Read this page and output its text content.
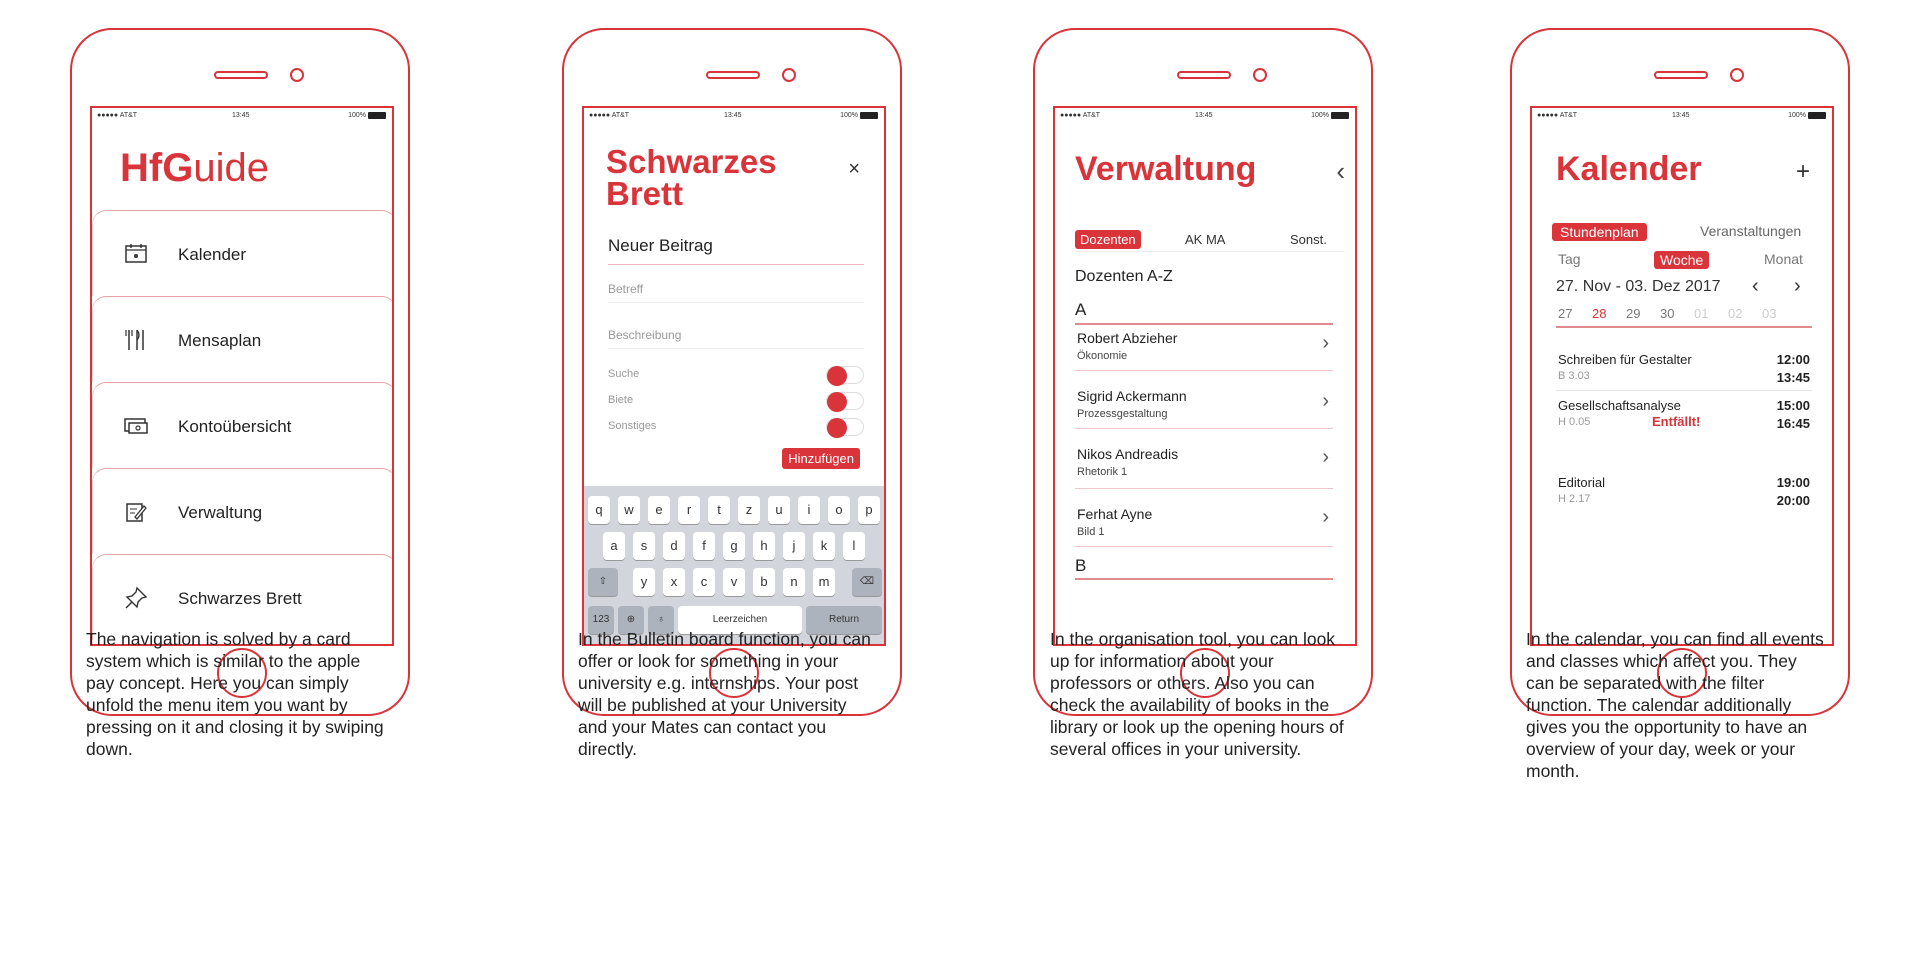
●●●●● AT&T	13:45	100%
HfGuide
Kalender
Mensaplan
Kontoübersicht
Verwaltung
Schwarzes Brett
●●●●● AT&T	13:45	100%
Schwarzes Brett
×
Neuer Beitrag
Betreff
Beschreibung
Suche
Biete
Sonstiges
Hinzufügen
q	w	e	r	t	z	u	i	o	p
a	s	d	f	g	h	j	k	l
⇧	y	x	c	v	b	n	m	⌫
123	⊕	♁	Leerzeichen	Return
●●●●● AT&T	13:45	100%
Verwaltung	‹
Dozenten	AK MA	Sonst.
Dozenten A-Z
A
Robert Abzieher
Ökonomie
›
Sigrid Ackermann
Prozessgestaltung
›
Nikos Andreadis
Rhetorik 1
›
Ferhat Ayne
Bild 1
›
B
●●●●● AT&T	13:45	100%
Kalender	+
Stundenplan	Veranstaltungen
Tag	Woche	Monat
27. Nov - 03. Dez 2017 ‹ ›
27 28 29 30 01 02 03
Schreiben für Gestalter
B 3.03
12:00
13:45
Gesellschaftsanalyse
H 0.05	Entfällt!
15:00
16:45
Editorial
H 2.17
19:00
20:00

The navigation is solved by a card system which is similar to the apple pay concept. Here you can simply unfold the menu item you want by pressing on it and closing it by swiping down.

In the Bulletin board function, you can offer or look for something in your university e.g. internships. Your post will be published at your University and your Mates can contact you directly.

In the organisation tool, you can look up for information about your professors or others. Also you can check the availability of books in the library or look up the opening hours of several offices in your university.

In the calendar, you can find all events and classes which affect you. They can be separated with the filter function. The calendar additionally gives you the opportunity to have an overview of your day, week or your month.
